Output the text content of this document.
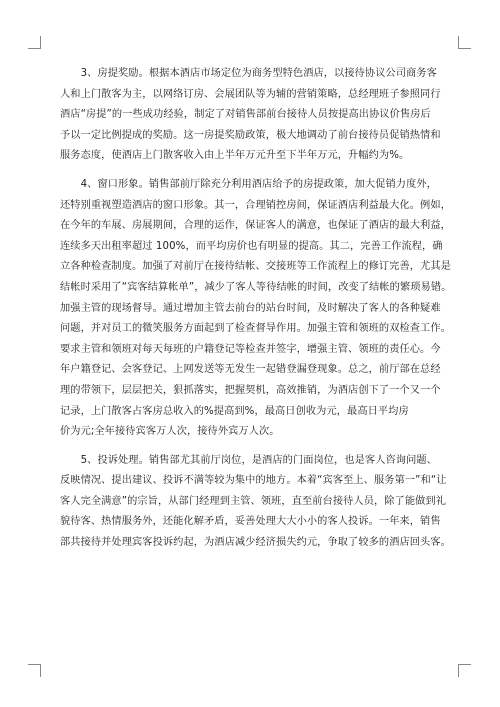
　　3、房提奖励。根据本酒店市场定位为商务型特色酒店，以接待协议公司商务客
人和上门散客为主，以网络订房、会展团队等为辅的营销策略，总经理班子参照同行
酒店“房提”的一些成功经验，制定了对销售部前台接待人员按提高出协议价售房后
予以一定比例提成的奖励。这一房提奖励政策，极大地调动了前台接待员促销热情和
服务态度，使酒店上门散客收入由上半年万元升至下半年万元，升幅约为%。
　　4、窗口形象。销售部前厅除充分利用酒店给予的房提政策，加大促销力度外，
还特别重视塑造酒店的窗口形象。其一，合理销控房间，保证酒店利益最大化。例如，
在今年的车展、房展期间，合理的运作，保证客人的满意，也保证了酒店的最大利益，
连续多天出租率超过 100%，而平均房价也有明显的提高。其二，完善工作流程，确
立各种检查制度。加强了对前厅在接待结帐、交接班等工作流程上的修订完善，尤其是
结帐时采用了“宾客结算帐单”，减少了客人等待结帐的时间，改变了结帐的繁琐易错。
加强主管的现场督导。通过增加主管去前台的站台时间，及时解决了客人的各种疑难
问题，并对员工的微笑服务方面起到了检查督导作用。加强主管和领班的双检查工作。
要求主管和领班对每天每班的户籍登记等检查并签字，增强主管、领班的责任心。今
年户籍登记、会客登记、上网发送等无发生一起错登漏登现象。总之，前厅部在总经
理的带领下，层层把关，狠抓落实，把握契机，高效推销，为酒店创下了一个又一个
记录，上门散客占客房总收入的%提高到%，最高日创收为元，最高日平均房
价为元;全年接待宾客万人次，接待外宾万人次。
　　5、投诉处理。销售部尤其前厅岗位，是酒店的门面岗位，也是客人咨询问题、
反映情况、提出建议、投诉不满等较为集中的地方。本着“宾客至上、服务第一”和“让
客人完全满意”的宗旨，从部门经理到主管、领班，直至前台接待人员，除了能做到礼
貌待客、热情服务外，还能化解矛盾，妥善处理大大小小的客人投诉。一年来，销售
部共接待并处理宾客投诉约起，为酒店减少经济损失约元，争取了较多的酒店回头客。
